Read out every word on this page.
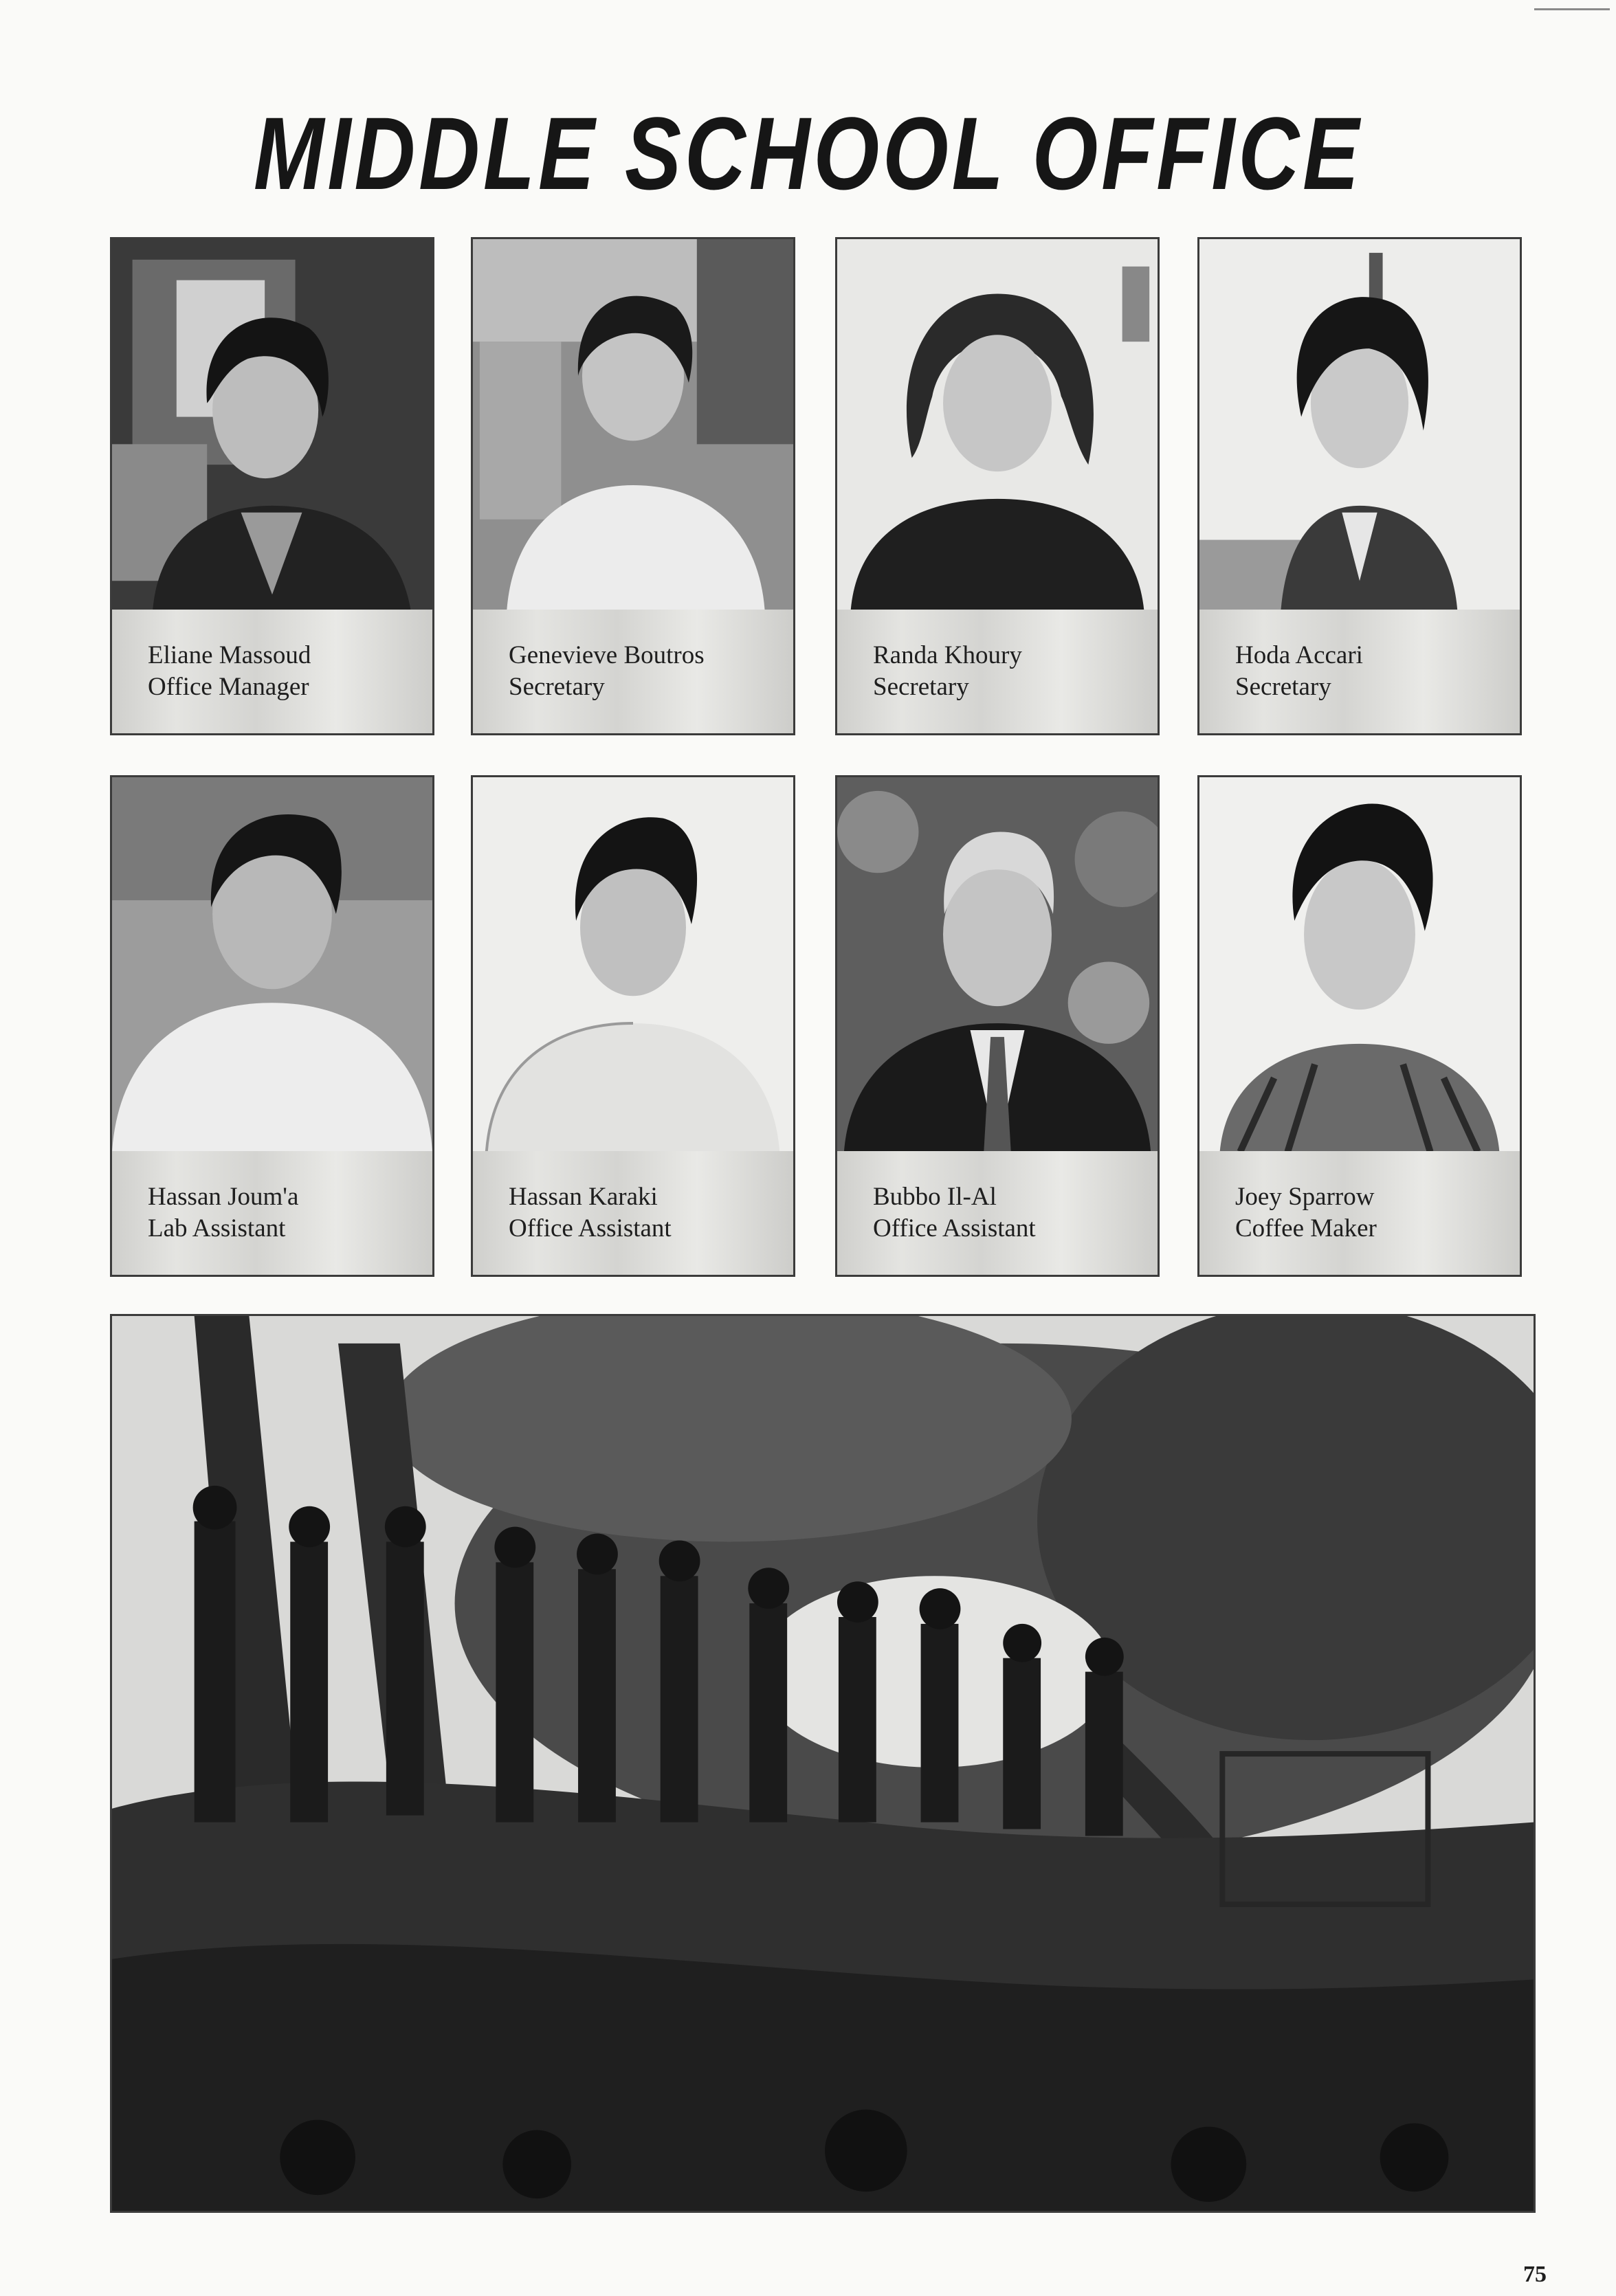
MIDDLE SCHOOL OFFICE
Eliane Massoud
Office Manager
Genevieve Boutros
Secretary
Randa Khoury
Secretary
Hoda Accari
Secretary
Hassan Joum'a
Lab Assistant
Hassan Karaki
Office Assistant
Bubbo Il-Al
Office Assistant
Joey Sparrow
Coffee Maker
75
